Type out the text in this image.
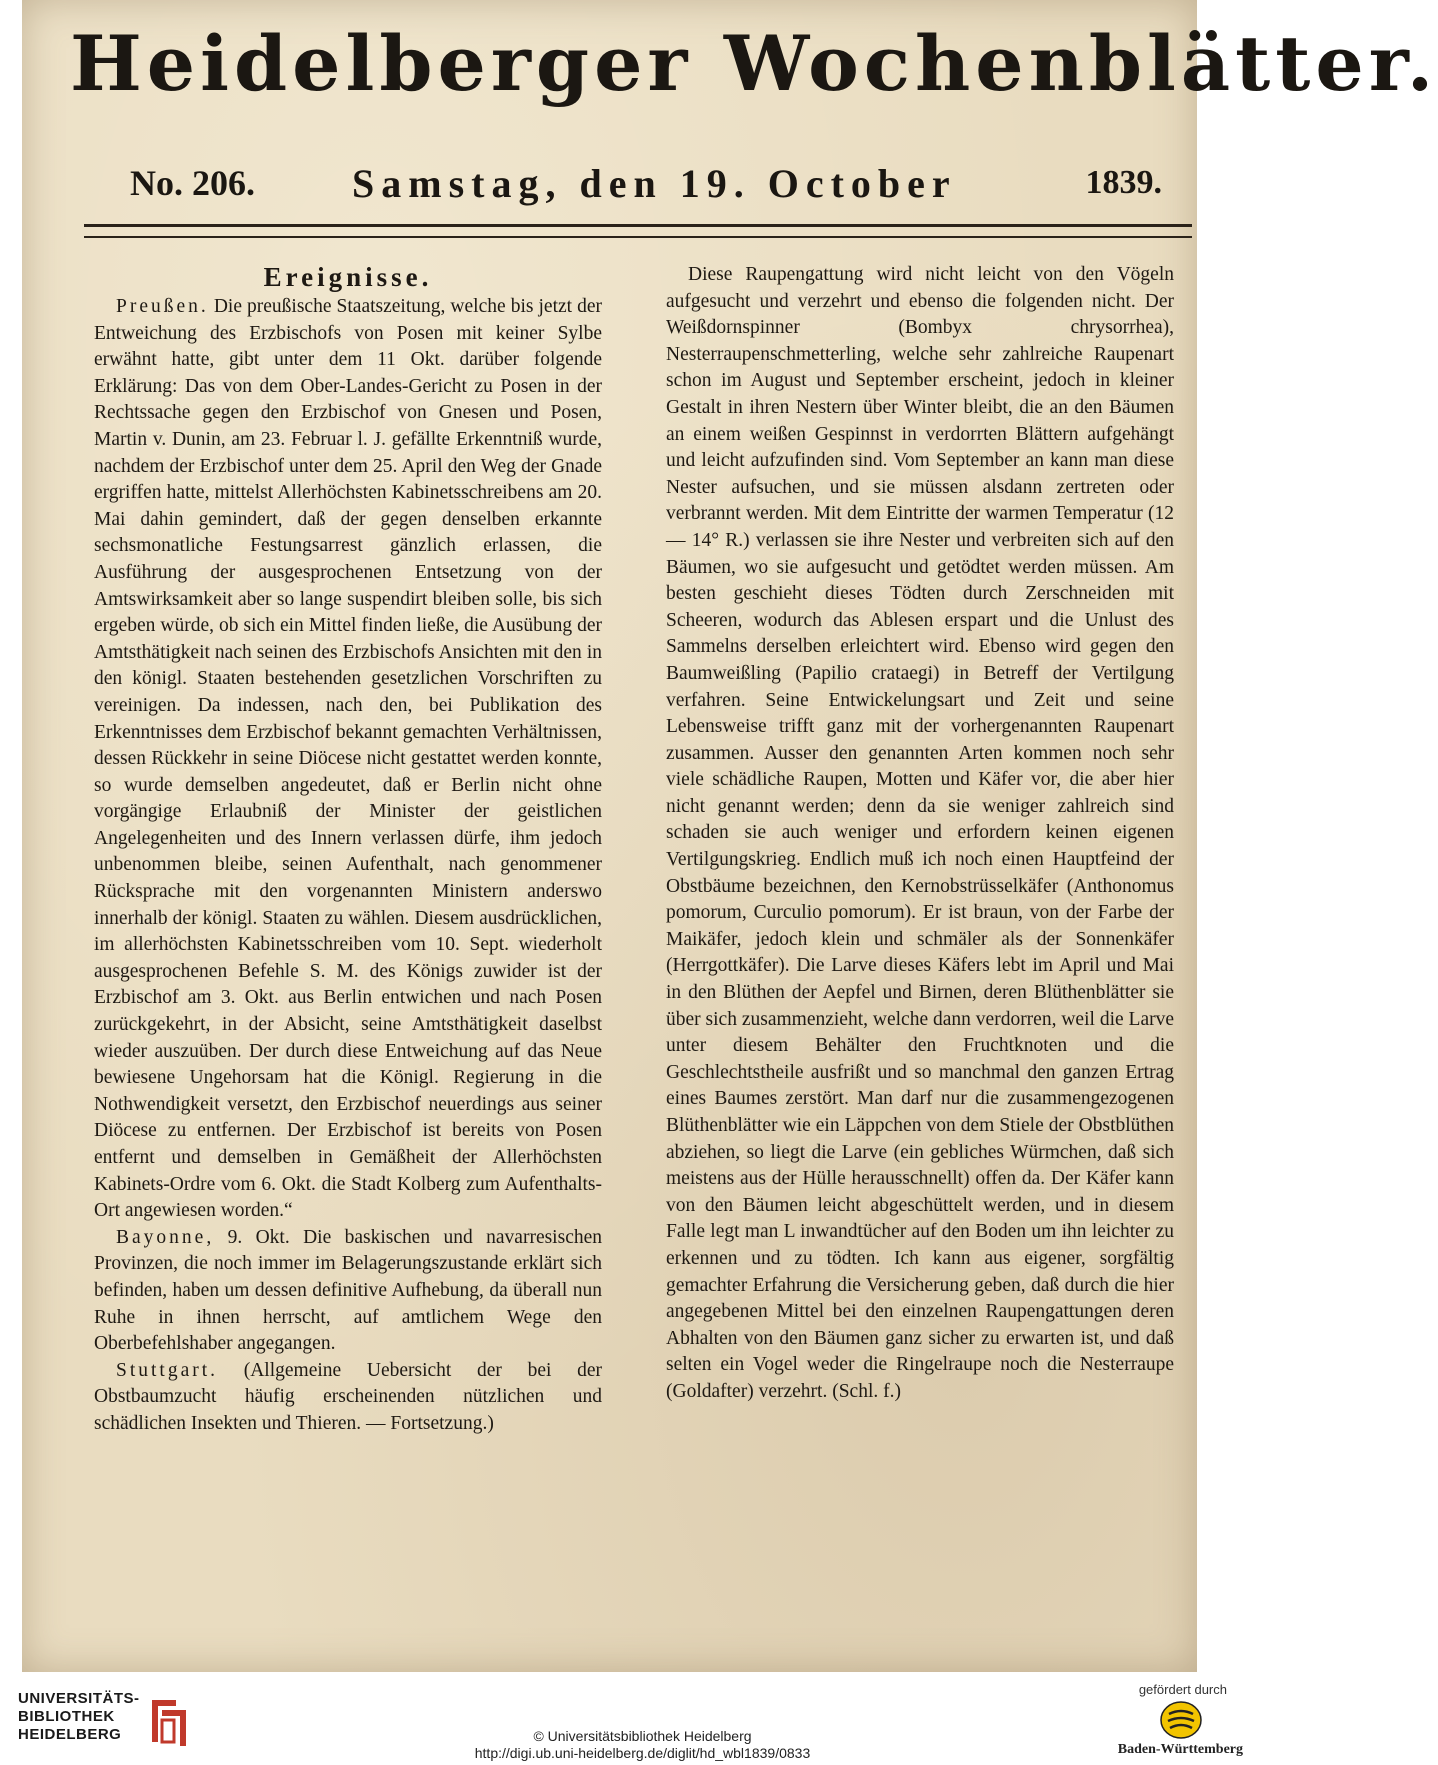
Heidelberger Wochenblätter.
No. 206. Samstag, den 19. October	1839.
Ereignisse.

Preußen. Die preußische Staatszeitung, welche bis jetzt der Entweichung des Erzbischofs von Posen mit keiner Sylbe erwähnt hatte, gibt unter dem 11 Okt. darüber folgende Erklärung: Das von dem Ober-Landes-Gericht zu Posen in der Rechtssache gegen den Erzbischof von Gnesen und Posen, Martin v. Dunin, am 23. Februar l. J. gefällte Erkenntniß wurde, nachdem der Erzbischof unter dem 25. April den Weg der Gnade ergriffen hatte, mittelst Allerhöchsten Kabinetsschreibens am 20. Mai dahin gemindert, daß der gegen denselben erkannte sechsmonatliche Festungsarrest gänzlich erlassen, die Ausführung der ausgesprochenen Entsetzung von der Amtswirksamkeit aber so lange suspendirt bleiben solle, bis sich ergeben würde, ob sich ein Mittel finden ließe, die Ausübung der Amtsthätigkeit nach seinen des Erzbischofs Ansichten mit den in den königl. Staaten bestehenden gesetzlichen Vorschriften zu vereinigen. Da indessen, nach den, bei Publikation des Erkenntnisses dem Erzbischof bekannt gemachten Verhältnissen, dessen Rückkehr in seine Diöcese nicht gestattet werden konnte, so wurde demselben angedeutet, daß er Berlin nicht ohne vorgängige Erlaubniß der Minister der geistlichen Angelegenheiten und des Innern verlassen dürfe, ihm jedoch unbenommen bleibe, seinen Aufenthalt, nach genommener Rücksprache mit den vorgenannten Ministern anderswo innerhalb der königl. Staaten zu wählen. Diesem ausdrücklichen, im allerhöchsten Kabinetsschreiben vom 10. Sept. wiederholt ausgesprochenen Befehle S. M. des Königs zuwider ist der Erzbischof am 3. Okt. aus Berlin entwichen und nach Posen zurückgekehrt, in der Absicht, seine Amtsthätigkeit daselbst wieder auszuüben. Der durch diese Entweichung auf das Neue bewiesene Ungehorsam hat die Königl. Regierung in die Nothwendigkeit versetzt, den Erzbischof neuerdings aus seiner Diöcese zu entfernen. Der Erzbischof ist bereits von Posen entfernt und demselben in Gemäßheit der Allerhöchsten Kabinets-Ordre vom 6. Okt. die Stadt Kolberg zum Aufenthalts-Ort angewiesen worden.“

Bayonne, 9. Okt. Die baskischen und navarresischen Provinzen, die noch immer im Belagerungszustande erklärt sich befinden, haben um dessen definitive Aufhebung, da überall nun Ruhe in ihnen herrscht, auf amtlichem Wege den Oberbefehlshaber angegangen.

Stuttgart. (Allgemeine Uebersicht der bei der Obstbaumzucht häufig erscheinenden nützlichen und schädlichen Insekten und Thieren. — Fortsetzung.)

Diese Raupengattung wird nicht leicht von den Vögeln aufgesucht und verzehrt und ebenso die folgenden nicht. Der Weißdornspinner (Bombyx chrysorrhea), Nesterraupenschmetterling, welche sehr zahlreiche Raupenart schon im August und September erscheint, jedoch in kleiner Gestalt in ihren Nestern über Winter bleibt, die an den Bäumen an einem weißen Gespinnst in verdorrten Blättern aufgehängt und leicht aufzufinden sind. Vom September an kann man diese Nester aufsuchen, und sie müssen alsdann zertreten oder verbrannt werden. Mit dem Eintritte der warmen Temperatur (12 — 14° R.) verlassen sie ihre Nester und verbreiten sich auf den Bäumen, wo sie aufgesucht und getödtet werden müssen. Am besten geschieht dieses Tödten durch Zerschneiden mit Scheeren, wodurch das Ablesen erspart und die Unlust des Sammelns derselben erleichtert wird. Ebenso wird gegen den Baumweißling (Papilio crataegi) in Betreff der Vertilgung verfahren. Seine Entwickelungsart und Zeit und seine Lebensweise trifft ganz mit der vorhergenannten Raupenart zusammen. Ausser den genannten Arten kommen noch sehr viele schädliche Raupen, Motten und Käfer vor, die aber hier nicht genannt werden; denn da sie weniger zahlreich sind schaden sie auch weniger und erfordern keinen eigenen Vertilgungskrieg. Endlich muß ich noch einen Hauptfeind der Obstbäume bezeichnen, den Kernobstrüsselkäfer (Anthonomus pomorum, Curculio pomorum). Er ist braun, von der Farbe der Maikäfer, jedoch klein und schmäler als der Sonnenkäfer (Herrgottkäfer). Die Larve dieses Käfers lebt im April und Mai in den Blüthen der Aepfel und Birnen, deren Blüthenblätter sie über sich zusammenzieht, welche dann verdorren, weil die Larve unter diesem Behälter den Fruchtknoten und die Geschlechtstheile ausfrißt und so manchmal den ganzen Ertrag eines Baumes zerstört. Man darf nur die zusammengezogenen Blüthenblätter wie ein Läppchen von dem Stiele der Obstblüthen abziehen, so liegt die Larve (ein gebliches Würmchen, daß sich meistens aus der Hülle herausschnellt) offen da. Der Käfer kann von den Bäumen leicht abgeschüttelt werden, und in diesem Falle legt man L inwandtücher auf den Boden um ihn leichter zu erkennen und zu tödten. Ich kann aus eigener, sorgfältig gemachter Erfahrung die Versicherung geben, daß durch die hier angegebenen Mittel bei den einzelnen Raupengattungen deren Abhalten von den Bäumen ganz sicher zu erwarten ist, und daß selten ein Vogel weder die Ringelraupe noch die Nesterraupe (Goldafter) verzehrt. (Schl. f.)

UNIVERSITÄTS-
BIBLIOTHEK
HEIDELBERG	© Universitätsbibliothek Heidelberg
http://digi.ub.uni-heidelberg.de/diglit/hd_wbl1839/0833
gefördert durch
Baden-Württemberg
